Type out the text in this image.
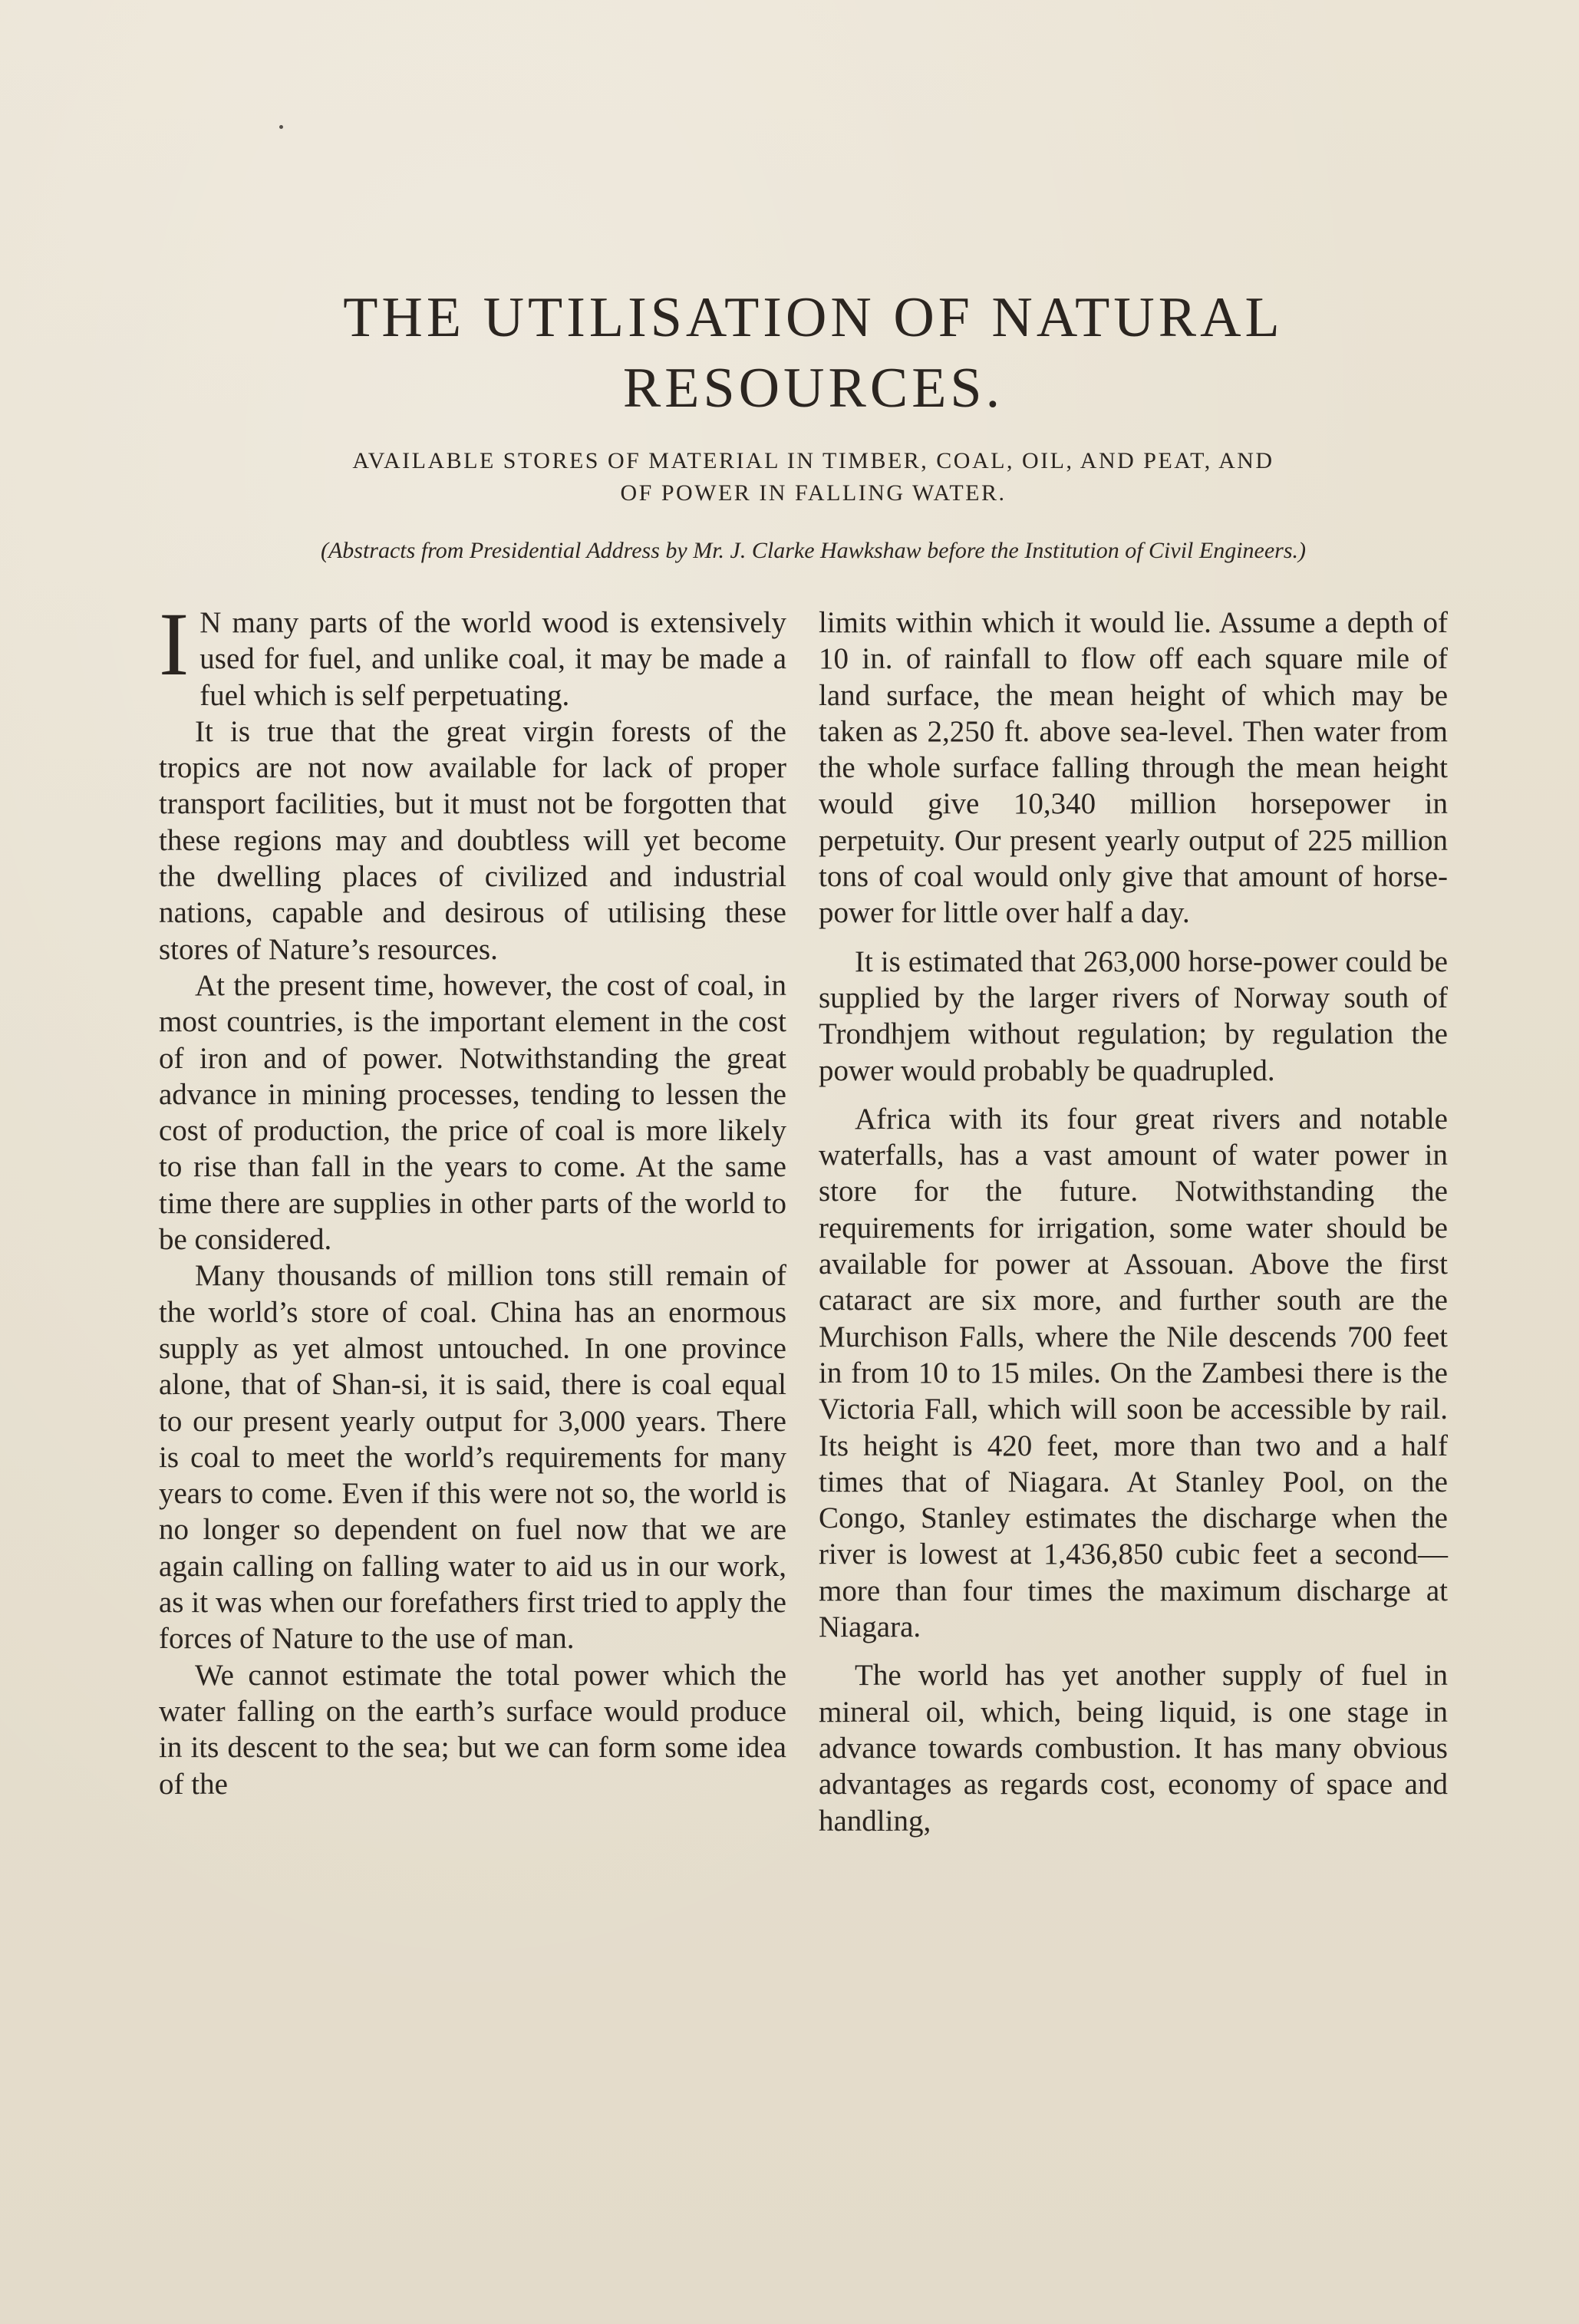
THE UTILISATION OF NATURAL
RESOURCES.

AVAILABLE STORES OF MATERIAL IN TIMBER, COAL, OIL, AND PEAT, AND
OF POWER IN FALLING WATER.

(Abstracts from Presidential Address by Mr. J. Clarke Hawkshaw before the Institution of Civil Engineers.)

I N many parts of the world wood is extensively used for fuel, and unlike coal, it may be made a fuel which is self perpetuating.

It is true that the great virgin forests of the tropics are not now available for lack of proper transport facilities, but it must not be forgotten that these regions may and doubtless will yet become the dwelling places of civilized and industrial nations, capable and desirous of utilising these stores of Nature’s resources.

At the present time, however, the cost of coal, in most countries, is the important element in the cost of iron and of power. Notwithstanding the great advance in mining processes, tending to lessen the cost of production, the price of coal is more likely to rise than fall in the years to come. At the same time there are supplies in other parts of the world to be considered.

Many thousands of million tons still remain of the world’s store of coal. China has an enormous supply as yet almost untouched. In one province alone, that of Shan-si, it is said, there is coal equal to our present yearly output for 3,000 years. There is coal to meet the world’s requirements for many years to come. Even if this were not so, the world is no longer so dependent on fuel now that we are again calling on falling water to aid us in our work, as it was when our forefathers first tried to apply the forces of Nature to the use of man.

We cannot estimate the total power which the water falling on the earth’s surface would produce in its descent to the sea; but we can form some idea of the

limits within which it would lie. Assume a depth of 10 in. of rainfall to flow off each square mile of land surface, the mean height of which may be taken as 2,250 ft. above sea-level. Then water from the whole surface falling through the mean height would give 10,340 million horsepower in perpetuity. Our present yearly output of 225 million tons of coal would only give that amount of horse-power for little over half a day.

It is estimated that 263,000 horse-power could be supplied by the larger rivers of Norway south of Trondhjem without regulation; by regulation the power would probably be quadrupled.

Africa with its four great rivers and notable waterfalls, has a vast amount of water power in store for the future. Notwithstanding the requirements for irrigation, some water should be available for power at Assouan. Above the first cataract are six more, and further south are the Murchison Falls, where the Nile descends 700 feet in from 10 to 15 miles. On the Zambesi there is the Victoria Fall, which will soon be accessible by rail. Its height is 420 feet, more than two and a half times that of Niagara. At Stanley Pool, on the Congo, Stanley estimates the discharge when the river is lowest at 1,436,850 cubic feet a second—more than four times the maximum discharge at Niagara.

The world has yet another supply of fuel in mineral oil, which, being liquid, is one stage in advance towards combustion. It has many obvious advantages as regards cost, economy of space and handling,
